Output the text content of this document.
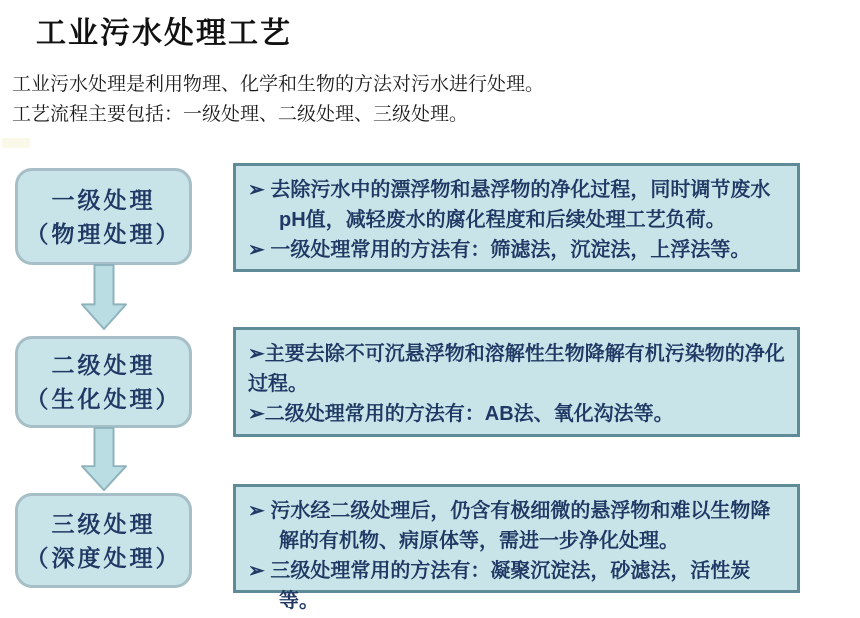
工业污水处理工艺
工业污水处理是利用物理、化学和生物的方法对污水进行处理。
工艺流程主要包括：一级处理、二级处理、三级处理。
一级处理
（物理处理）
➢ 去除污水中的漂浮物和悬浮物的净化过程，同时调节废水pH值，减轻废水的腐化程度和后续处理工艺负荷。
➢ 一级处理常用的方法有：筛滤法，沉淀法，上浮法等。
二级处理
（生化处理）
➢主要去除不可沉悬浮物和溶解性生物降解有机污染物的净化过程。
➢二级处理常用的方法有：AB法、氧化沟法等。
三级处理
（深度处理）
➢ 污水经二级处理后，仍含有极细微的悬浮物和难以生物降解的有机物、病原体等，需进一步净化处理。
➢ 三级处理常用的方法有：凝聚沉淀法，砂滤法，活性炭等。
